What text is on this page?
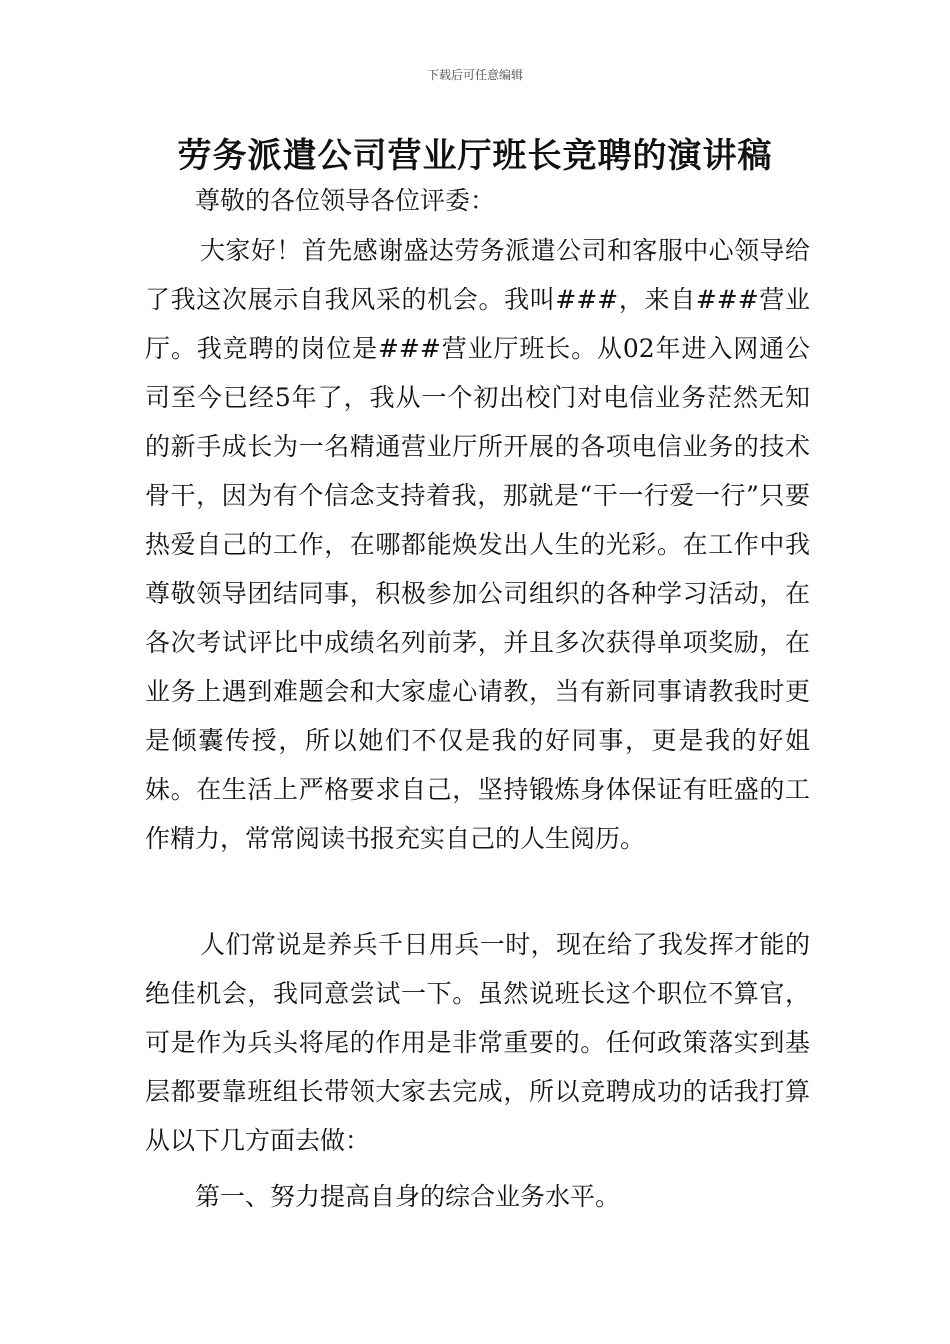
下载后可任意编辑
劳务派遣公司营业厅班长竞聘的演讲稿

尊敬的各位领导各位评委：

大家好！首先感谢盛达劳务派遣公司和客服中心领导给了我这次展示自我风采的机会。我叫###，来自###营业厅。我竞聘的岗位是###营业厅班长。从02年进入网通公司至今已经5年了，我从一个初出校门对电信业务茫然无知的新手成长为一名精通营业厅所开展的各项电信业务的技术骨干，因为有个信念支持着我，那就是“干一行爱一行”只要热爱自己的工作，在哪都能焕发出人生的光彩。在工作中我尊敬领导团结同事，积极参加公司组织的各种学习活动，在各次考试评比中成绩名列前茅，并且多次获得单项奖励，在业务上遇到难题会和大家虚心请教，当有新同事请教我时更是倾囊传授，所以她们不仅是我的好同事，更是我的好姐妹。在生活上严格要求自己，坚持锻炼身体保证有旺盛的工作精力，常常阅读书报充实自己的人生阅历。

人们常说是养兵千日用兵一时，现在给了我发挥才能的绝佳机会，我同意尝试一下。虽然说班长这个职位不算官，可是作为兵头将尾的作用是非常重要的。任何政策落实到基层都要靠班组长带领大家去完成，所以竞聘成功的话我打算从以下几方面去做：

第一、努力提高自身的综合业务水平。
